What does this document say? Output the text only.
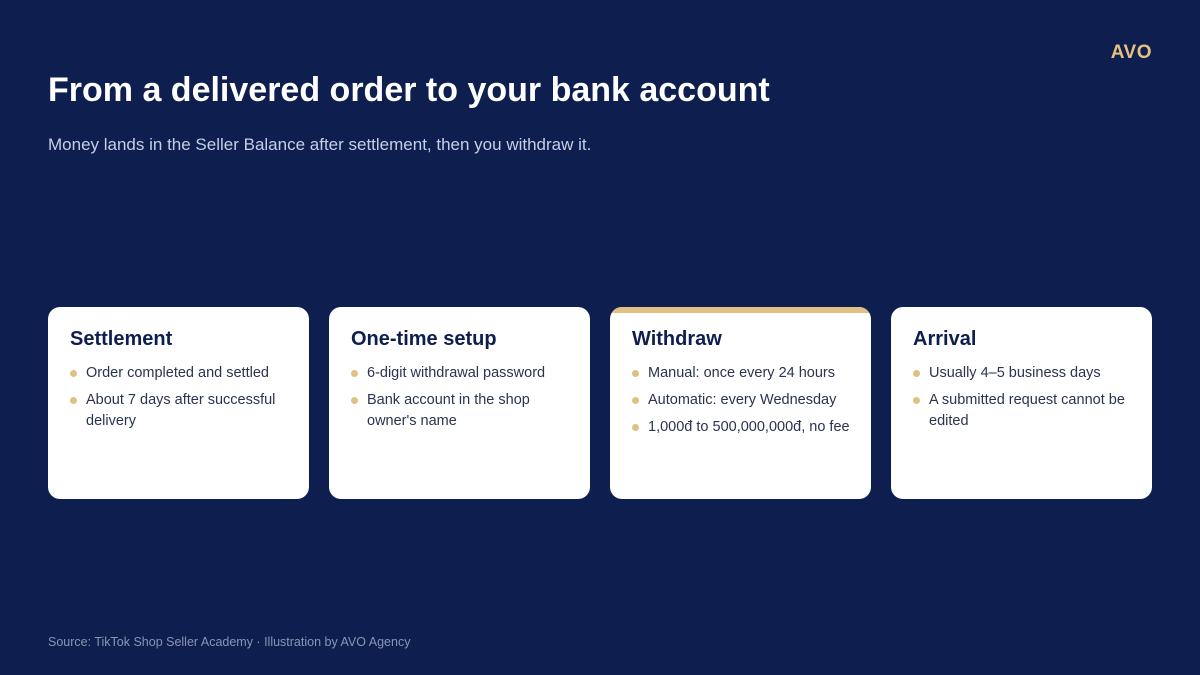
AVO
From a delivered order to your bank account

Money lands in the Seller Balance after settlement, then you withdraw it.

Settlement
Order completed and settled
About 7 days after successful delivery
One-time setup
6-digit withdrawal password
Bank account in the shop owner's name
Withdraw
Manual: once every 24 hours
Automatic: every Wednesday
1,000đ to 500,000,000đ, no fee
Arrival
Usually 4–5 business days
A submitted request cannot be edited
Source: TikTok Shop Seller Academy · Illustration by AVO Agency
